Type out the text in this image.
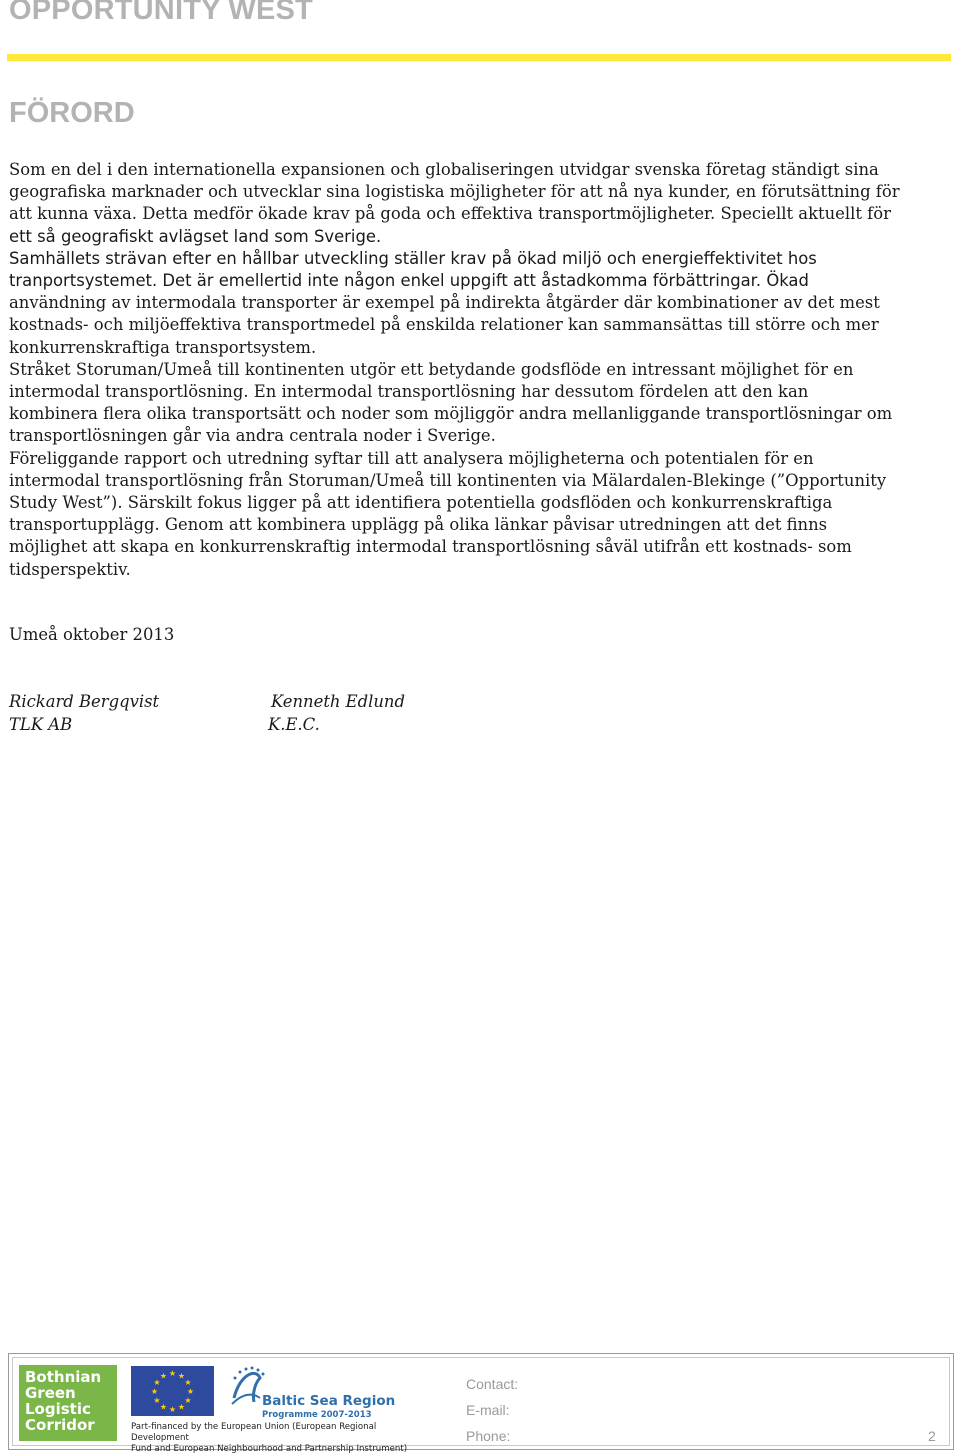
OPPORTUNITY WEST
FÖRORD
Som en del i den internationella expansionen och globaliseringen utvidgar svenska företag ständigt sina
geografiska marknader och utvecklar sina logistiska möjligheter för att nå nya kunder, en förutsättning för
att kunna växa. Detta medför ökade krav på goda och effektiva transportmöjligheter. Speciellt aktuellt för
ett så geografiskt avlägset land som Sverige.
Samhällets strävan efter en hållbar utveckling ställer krav på ökad miljö och energieffektivitet hos
tranportsystemet. Det är emellertid inte någon enkel uppgift att åstadkomma förbättringar. Ökad
användning av intermodala transporter är exempel på indirekta åtgärder där kombinationer av det mest
kostnads- och miljöeffektiva transportmedel på enskilda relationer kan sammansättas till större och mer
konkurrenskraftiga transportsystem.
Stråket Storuman/Umeå till kontinenten utgör ett betydande godsflöde en intressant möjlighet för en
intermodal transportlösning. En intermodal transportlösning har dessutom fördelen att den kan
kombinera flera olika transportsätt och noder som möjliggör andra mellanliggande transportlösningar om
transportlösningen går via andra centrala noder i Sverige.
Föreliggande rapport och utredning syftar till att analysera möjligheterna och potentialen för en
intermodal transportlösning från Storuman/Umeå till kontinenten via Mälardalen-Blekinge (”Opportunity
Study West”). Särskilt fokus ligger på att identifiera potentiella godsflöden och konkurrenskraftiga
transportupplägg. Genom att kombinera upplägg på olika länkar påvisar utredningen att det finns
möjlighet att skapa en konkurrenskraftig intermodal transportlösning såväl utifrån ett kostnads- som
tidsperspektiv.
Umeå oktober 2013
Rickard Bergqvist
TLK AB
Kenneth Edlund
K.E.C.
Bothnian
Green
Logistic
Corridor
★ ★
★
★
★
★
★
★
★
★
★
★
Baltic Sea Region
Programme 2007-2013
Part-financed by the European Union (European Regional Development
Fund and European Neighbourhood and Partnership Instrument)
Contact:
E-mail:
Phone:	2
